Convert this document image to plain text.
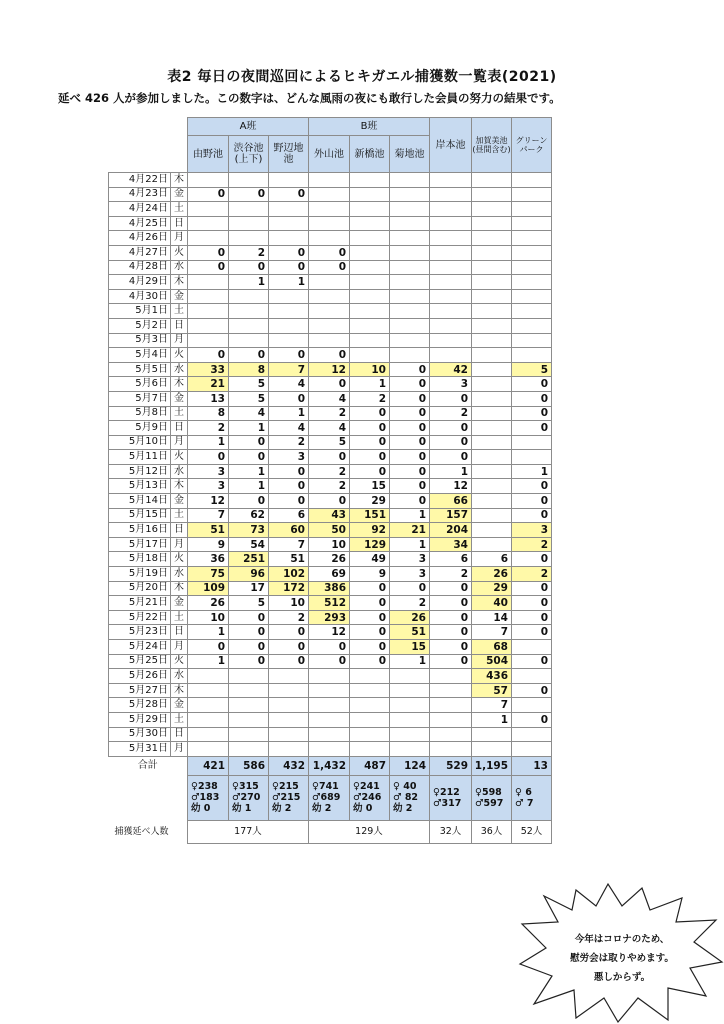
表2 毎日の夜間巡回によるヒキガエル捕獲数一覧表(2021)
延べ 426 人が参加しました。この数字は、どんな風雨の夜にも敢行した会員の努力の結果です。
		A班			B班			岸本池	加賀美池(昼間含む)	グリーンパーク
		由野池	渋谷池(上下)	野辺地池	外山池	新橋池	菊地池			
4月22日	木									
4月23日	金	0	0	0						
4月24日	土									
4月25日	日									
4月26日	月									
4月27日	火	0	2	0	0					
4月28日	水	0	0	0	0					
4月29日	木		1	1						
4月30日	金									
5月1日	土									
5月2日	日									
5月3日	月									
5月4日	火	0	0	0	0					
5月5日	水	33	8	7	12	10	0	42		5
5月6日	木	21	5	4	0	1	0	3		0
5月7日	金	13	5	0	4	2	0	0		0
5月8日	土	8	4	1	2	0	0	2		0
5月9日	日	2	1	4	4	0	0	0		0
5月10日	月	1	0	2	5	0	0	0		
5月11日	火	0	0	3	0	0	0	0		
5月12日	水	3	1	0	2	0	0	1		1
5月13日	木	3	1	0	2	15	0	12		0
5月14日	金	12	0	0	0	29	0	66		0
5月15日	土	7	62	6	43	151	1	157		0
5月16日	日	51	73	60	50	92	21	204		3
5月17日	月	9	54	7	10	129	1	34		2
5月18日	火	36	251	51	26	49	3	6	6	0
5月19日	水	75	96	102	69	9	3	2	26	2
5月20日	木	109	17	172	386	0	0	0	29	0
5月21日	金	26	5	10	512	0	2	0	40	0
5月22日	土	10	0	2	293	0	26	0	14	0
5月23日	日	1	0	0	12	0	51	0	7	0
5月24日	月	0	0	0	0	0	15	0	68	
5月25日	火	1	0	0	0	0	1	0	504	0
5月26日	水								436	
5月27日	木								57	0
5月28日	金								7	
5月29日	土								1	0
5月30日	日									
5月31日	月									
合計		421	586	432	1,432	487	124	529	1,195	13
		♀238
♂183
幼 0	♀315
♂270
幼 1	♀215
♂215
幼 2	♀741
♂689
幼 2	♀241
♂246
幼 0	♀ 40
♂ 82
幼 2	♀212
♂317	♀598
♂597	♀ 6
♂ 7
捕獲延べ人数		177人			129人			32人	36人	52人
今年はコロナのため、
慰労会は取りやめます。
悪しからず。
